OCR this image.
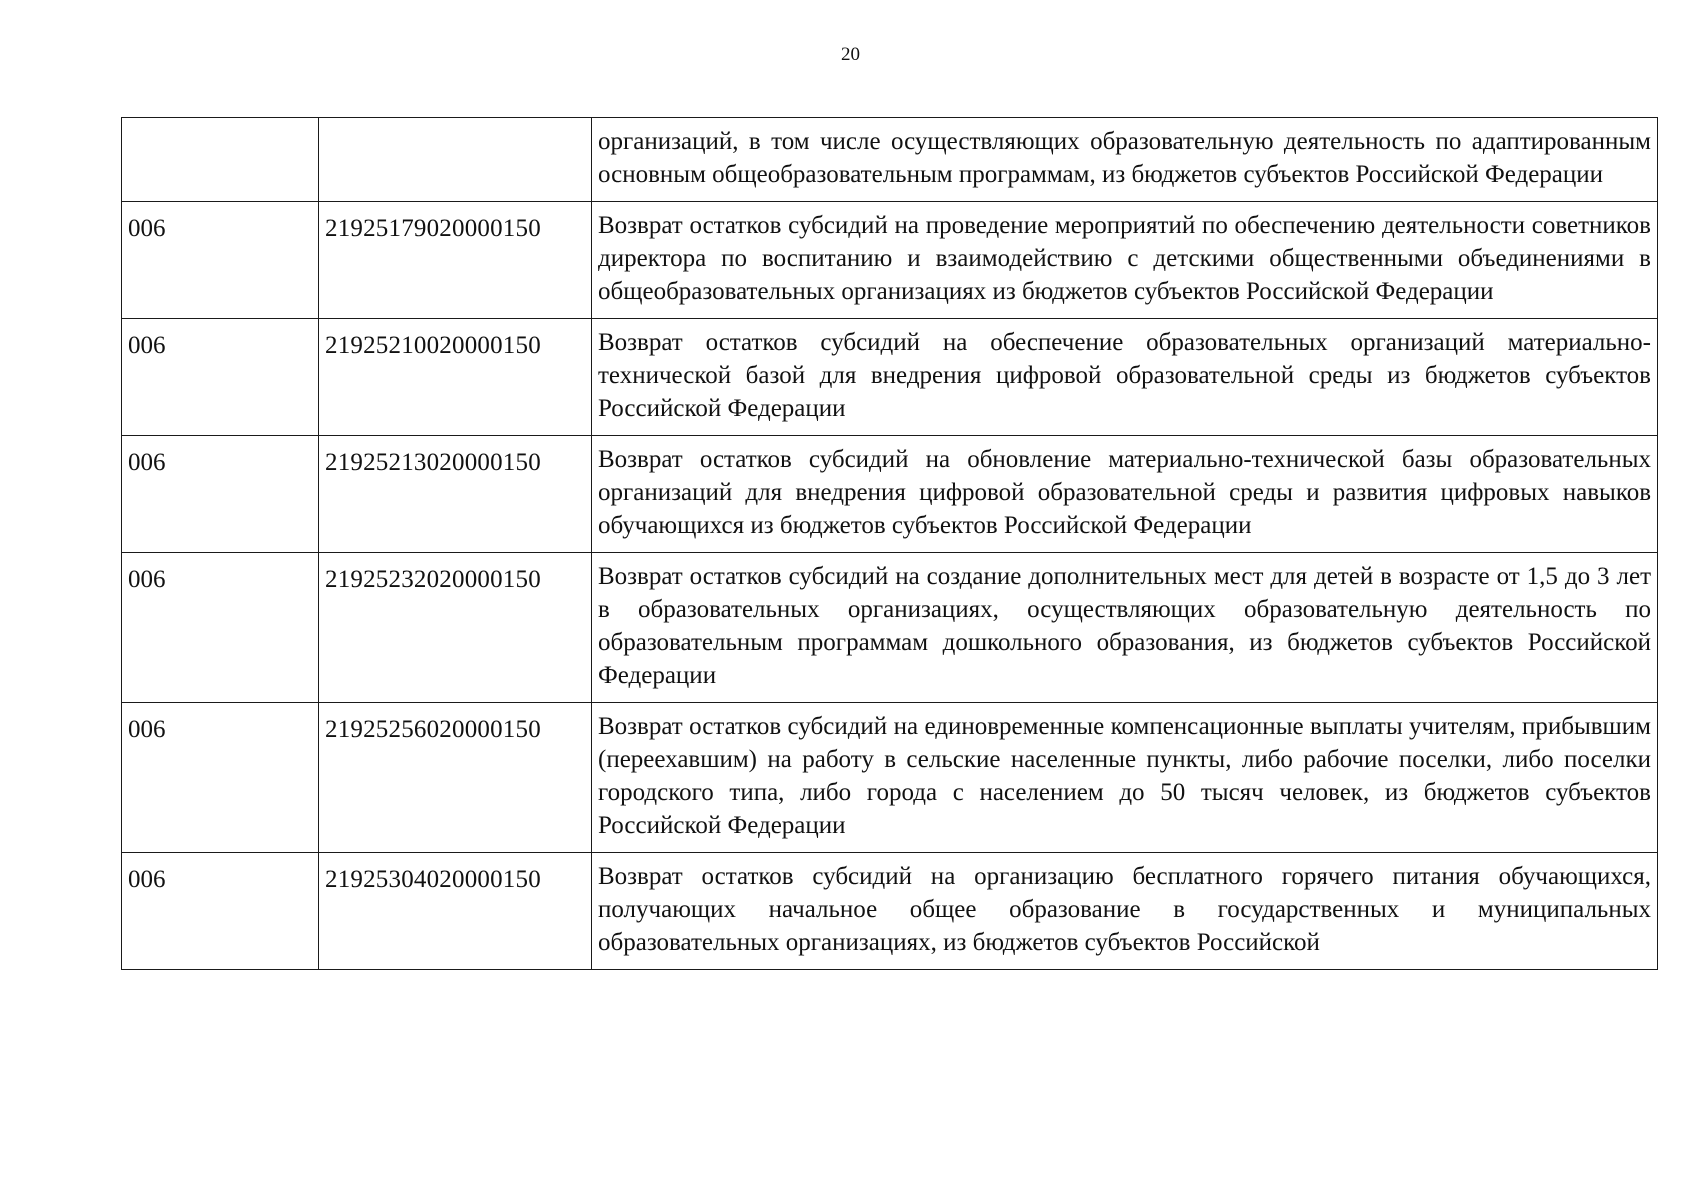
20
		организаций, в том числе осуществляющих образовательную деятельность по адаптированным основным общеобразовательным программам, из бюджетов субъектов Российской Федерации
006	21925179020000150	Возврат остатков субсидий на проведение мероприятий по обеспечению деятельности советников директора по воспитанию и взаимодействию с детскими общественными объединениями в общеобразовательных организациях из бюджетов субъектов Российской Федерации
006	21925210020000150	Возврат остатков субсидий на обеспечение образовательных организаций материально-технической базой для внедрения цифровой образовательной среды из бюджетов субъектов Российской Федерации
006	21925213020000150	Возврат остатков субсидий на обновление материально-технической базы образовательных организаций для внедрения цифровой образовательной среды и развития цифровых навыков обучающихся из бюджетов субъектов Российской Федерации
006	21925232020000150	Возврат остатков субсидий на создание дополнительных мест для детей в возрасте от 1,5 до 3 лет в образовательных организациях, осуществляющих образовательную деятельность по образовательным программам дошкольного образования, из бюджетов субъектов Российской Федерации
006	21925256020000150	Возврат остатков субсидий на единовременные компенсационные выплаты учителям, прибывшим (переехавшим) на работу в сельские населенные пункты, либо рабочие поселки, либо поселки городского типа, либо города с населением до 50 тысяч человек, из бюджетов субъектов Российской Федерации
006	21925304020000150	Возврат остатков субсидий на организацию бесплатного горячего питания обучающихся, получающих начальное общее образование в государственных и муниципальных образовательных организациях, из бюджетов субъектов Российской
